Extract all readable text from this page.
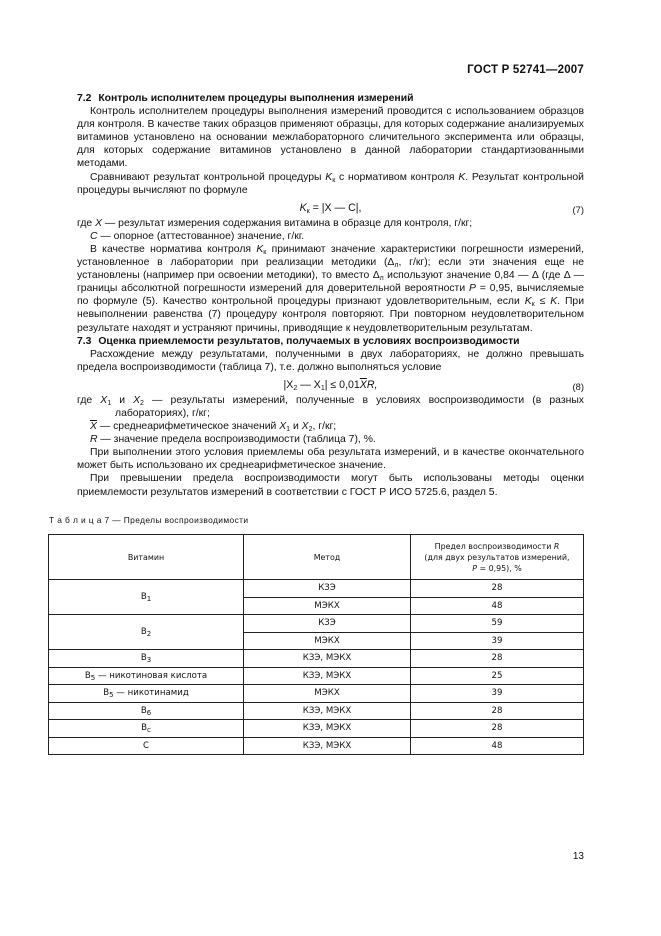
ГОСТ Р 52741—2007

7.2 Контроль исполнителем процедуры выполнения измерений

Контроль исполнителем процедуры выполнения измерений проводится с использованием образцов для контроля. В качестве таких образцов применяют образцы, для которых содержание анализируемых витаминов установлено на основании межлабораторного сличительного эксперимента или образцы, для которых содержание витаминов установлено в данной лаборатории стандартизованными методами.

Сравнивают результат контрольной процедуры $K_к$ с нормативом контроля K. Результат контрольной процедуры вычисляют по формуле

$K_к = |X$ — C|,	(7)

где X — результат измерения содержания витамина в образце для контроля, г/кг;

C — опорное (аттестованное) значение, г/кг.

В качестве норматива контроля $K_к$ принимают значение характеристики погрешности измерений, установленное в лаборатории при реализации методики ($\Delta_л$, г/кг); если эти значения еще не установлены (например при освоении методики), то вместо $\Delta_л$ используют значение 0,84 — Δ (где Δ — границы абсолютной погрешности измерений для доверительной вероятности P = 0,95, вычисляемые по формуле (5). Качество контрольной процедуры признают удовлетворительным, если $K_к \le K$. При невыполнении равенства (7) процедуру контроля повторяют. При повторном неудовлетворительном результате находят и устраняют причины, приводящие к неудовлетворительным результатам.

7.3 Оценка приемлемости результатов, получаемых в условиях воспроизводимости

Расхождение между результатами, полученными в двух лабораториях, не должно превышать предела воспроизводимости (таблица 7), т.е. должно выполняться условие

$|X_2$ — $X_1| \le 0,01\overline{X}R$,	(8)

где $X_1$ и $X_2$ — результаты измерений, полученные в условиях воспроизводимости (в разных лабораториях), г/кг;

$\overline{X}$ — среднеарифметическое значений $X_1$ и $X_2$, г/кг;

R — значение предела воспроизводимости (таблица 7), %.

При выполнении этого условия приемлемы оба результата измерений, и в качестве окончательного может быть использовано их среднеарифметическое значение.

При превышении предела воспроизводимости могут быть использованы методы оценки приемлемости результатов измерений в соответствии с ГОСТ Р ИСО 5725.6, раздел 5.

Т а б л и ц а 7 — Пределы воспроизводимости
Витамин	Метод	Предел воспроизводимости R
(для двух результатов измерений,
P = 0,95), %
$B_1$	КЗЭ	28
	МЭКХ	48
$B_2$	КЗЭ	59
	МЭКХ	39
$B_3$	КЗЭ, МЭКХ	28
$B_5$ — никотиновая кислота	КЗЭ, МЭКХ	25
$B_5$ — никотинамид	МЭКХ	39
$B_6$	КЗЭ, МЭКХ	28
$B_c$	КЗЭ, МЭКХ	28
C	КЗЭ, МЭКХ	48
13
